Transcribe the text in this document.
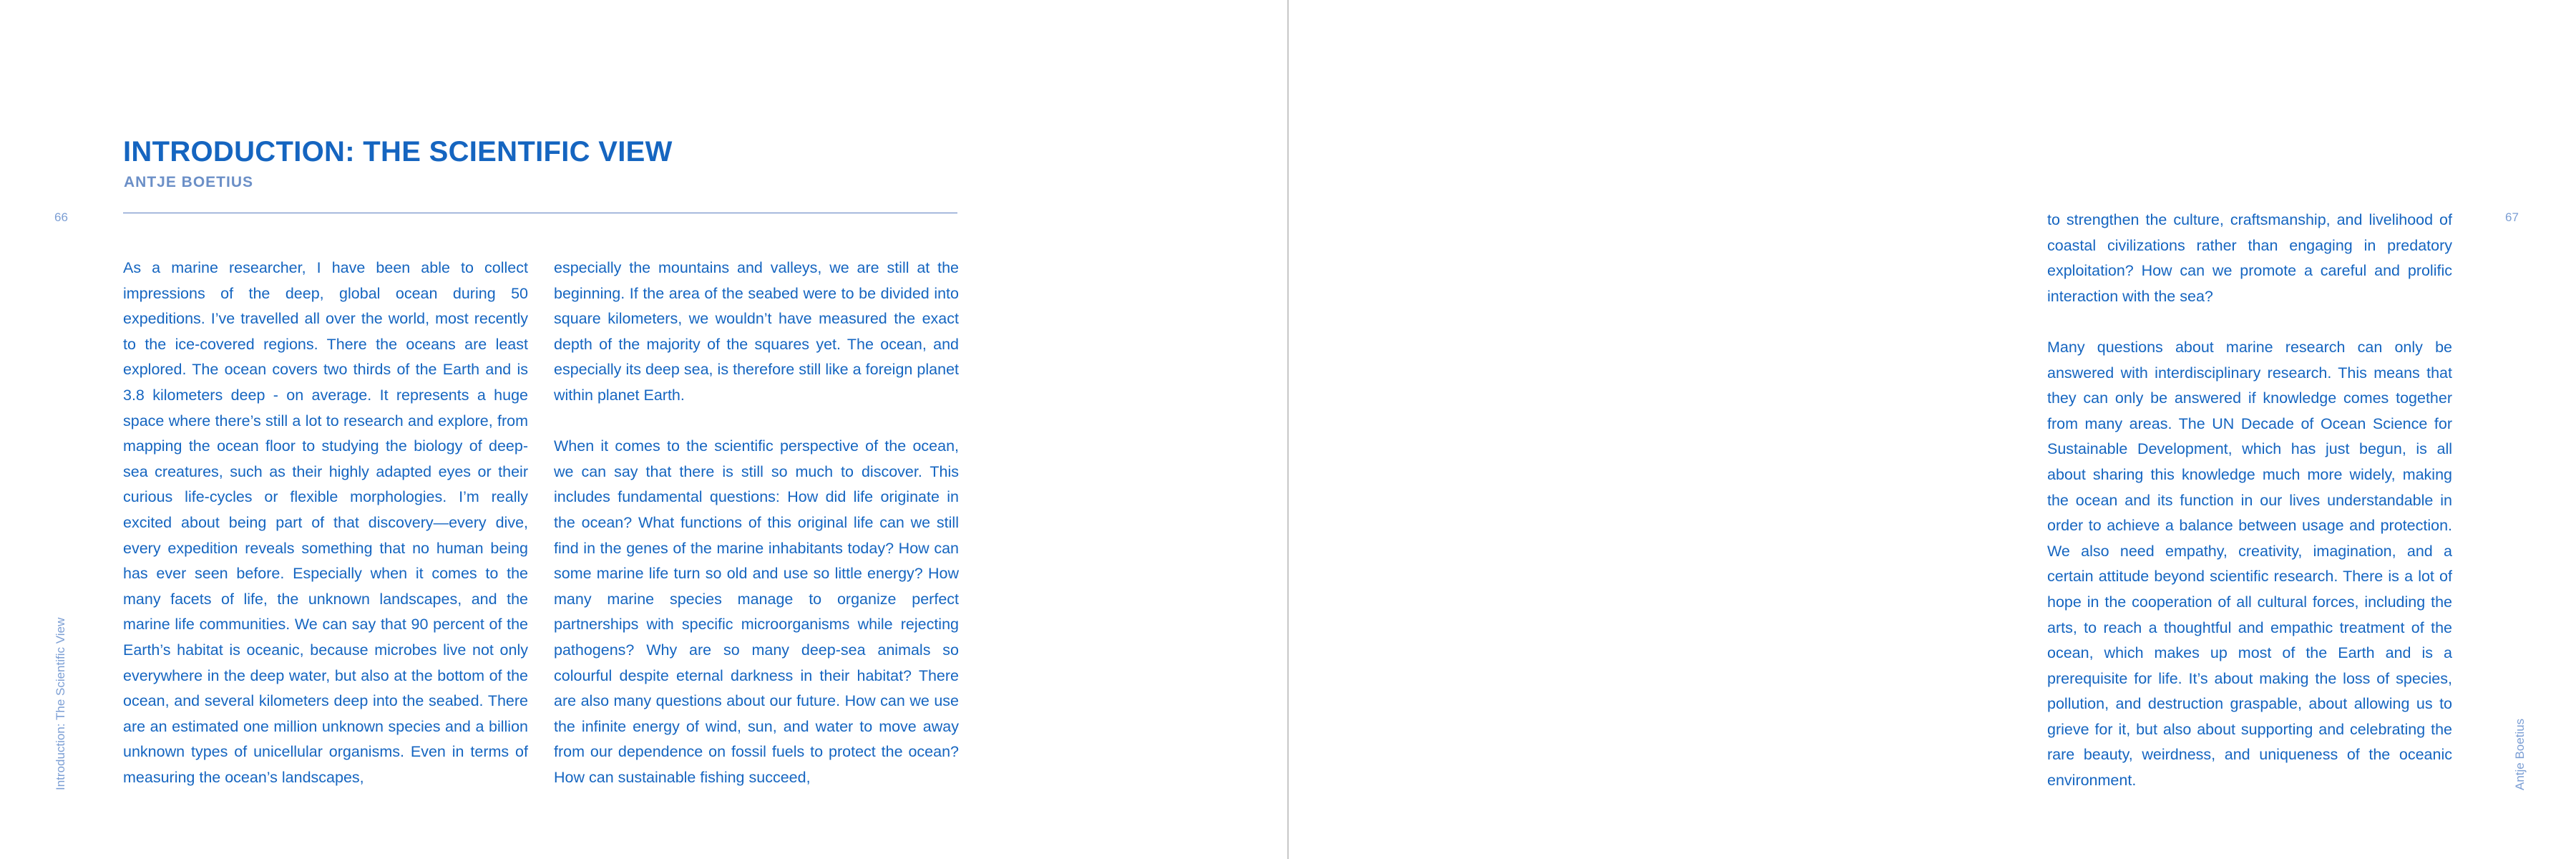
66
Introduction: The Scientific View
INTRODUCTION: THE SCIENTIFIC VIEW
ANTJE BOETIUS

As a marine researcher, I have been able to collect impressions of the deep, global ocean during 50 expeditions. I’ve travelled all over the world, most recently to the ice-covered regions. There the oceans are least explored. The ocean covers two thirds of the Earth and is 3.8 kilometers deep - on average. It represents a huge space where there’s still a lot to research and explore, from mapping the ocean floor to studying the biology of deep-sea creatures, such as their highly adapted eyes or their curious life-cycles or flexible morphologies. I’m really excited about being part of that discovery—every dive, every expedition reveals something that no human being has ever seen before. Especially when it comes to the many facets of life, the unknown landscapes, and the marine life communities. We can say that 90 percent of the Earth’s habitat is oceanic, because microbes live not only everywhere in the deep water, but also at the bottom of the ocean, and several kilometers deep into the seabed. There are an estimated one million unknown species and a billion unknown types of unicellular organisms. Even in terms of measuring the ocean’s landscapes,

especially the mountains and valleys, we are still at the beginning. If the area of the seabed were to be divided into square kilometers, we wouldn’t have measured the exact depth of the majority of the squares yet. The ocean, and especially its deep sea, is therefore still like a foreign planet within planet Earth.

When it comes to the scientific perspective of the ocean, we can say that there is still so much to discover. This includes fundamental questions: How did life originate in the ocean? What functions of this original life can we still find in the genes of the marine inhabitants today? How can some marine life turn so old and use so little energy? How many marine species manage to organize perfect partnerships with specific microorganisms while rejecting pathogens? Why are so many deep-sea animals so colourful despite eternal darkness in their habitat? There are also many questions about our future. How can we use the infinite energy of wind, sun, and water to move away from our dependence on fossil fuels to protect the ocean? How can sustainable fishing succeed,

67
Antje Boetius

to strengthen the culture, craftsmanship, and livelihood of coastal civilizations rather than engaging in predatory exploitation? How can we promote a careful and prolific interaction with the sea?

Many questions about marine research can only be answered with interdisciplinary research. This means that they can only be answered if knowledge comes together from many areas. The UN Decade of Ocean Science for Sustainable Development, which has just begun, is all about sharing this knowledge much more widely, making the ocean and its function in our lives understandable in order to achieve a balance between usage and protection. We also need empathy, creativity, imagination, and a certain attitude beyond scientific research. There is a lot of hope in the cooperation of all cultural forces, including the arts, to reach a thoughtful and empathic treatment of the ocean, which makes up most of the Earth and is a prerequisite for life. It’s about making the loss of species, pollution, and destruction graspable, about allowing us to grieve for it, but also about supporting and celebrating the rare beauty, weirdness, and uniqueness of the oceanic environment.
